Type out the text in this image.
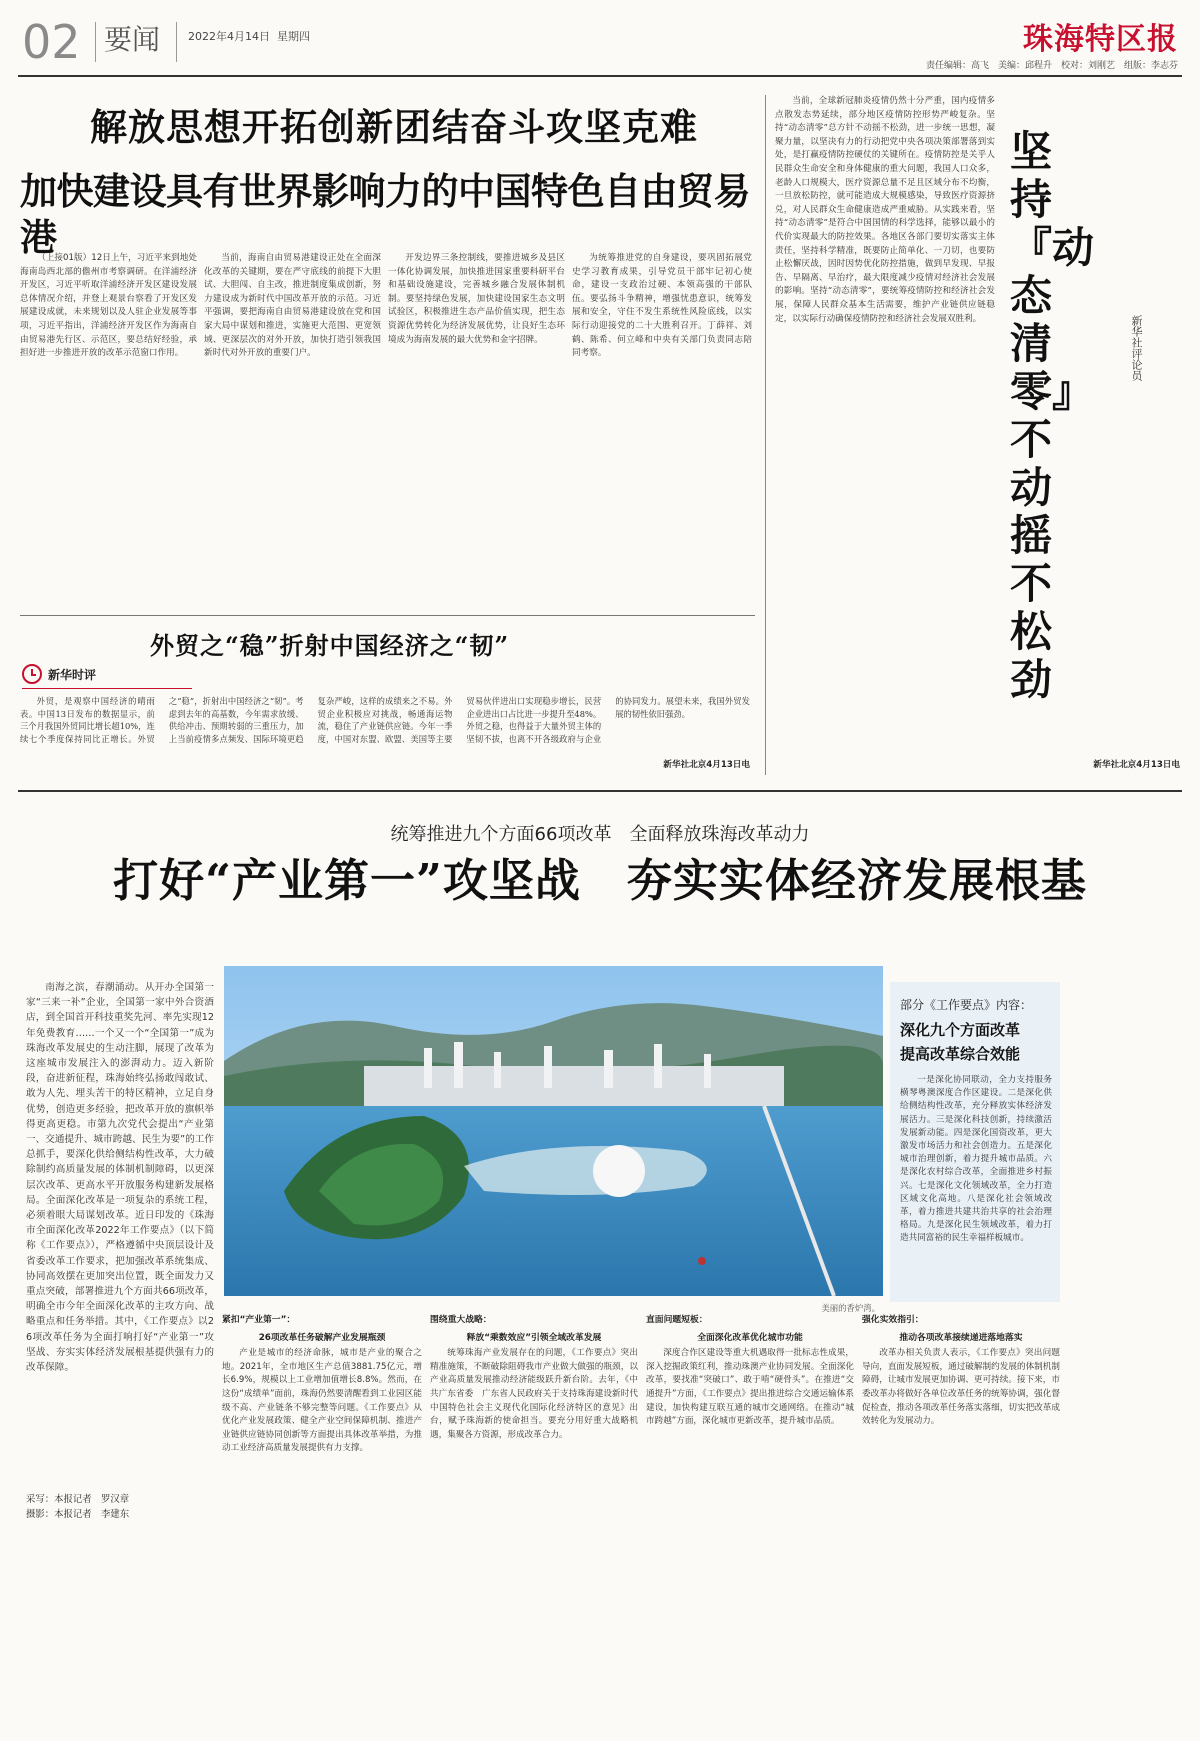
02 要闻	2022年4月14日 星期四	珠海特区报
责任编辑：高飞　美编：邱程升　校对：刘刚艺　组版：李志芬
解放思想开拓创新团结奋斗攻坚克难
加快建设具有世界影响力的中国特色自由贸易港

（上接01版）12日上午，习近平来到地处海南岛西北部的儋州市考察调研。在洋浦经济开发区，习近平听取洋浦经济开发区建设发展总体情况介绍，并登上观景台察看了开发区发展建设成就，未来规划以及人驻企业发展等事项，习近平指出，洋浦经济开发区作为海南自由贸易港先行区、示范区，要总结好经验，承担好进一步推进开放的改革示范窗口作用。

当前，海南自由贸易港建设正处在全面深化改革的关键期，要在严守底线的前提下大胆试、大胆闯、自主改，推进制度集成创新，努力建设成为新时代中国改革开放的示范。习近平强调，要把海南自由贸易港建设放在党和国家大局中谋划和推进，实施更大范围、更宽领域、更深层次的对外开放，加快打造引领我国新时代对外开放的重要门户。

开发边界三条控制线，要推进城乡及县区一体化协调发展，加快推进国家重要科研平台和基础设施建设，完善城乡融合发展体制机制。要坚持绿色发展，加快建设国家生态文明试验区，积极推进生态产品价值实现，把生态资源优势转化为经济发展优势，让良好生态环境成为海南发展的最大优势和金字招牌。

为统筹推进党的自身建设，要巩固拓展党史学习教育成果，引导党员干部牢记初心使命，建设一支政治过硬、本领高强的干部队伍。要弘扬斗争精神，增强忧患意识，统筹发展和安全，守住不发生系统性风险底线，以实际行动迎接党的二十大胜利召开。丁薛祥、刘鹤、陈希、何立峰和中央有关部门负责同志陪同考察。

外贸之“稳”折射中国经济之“韧”
新华时评

外贸，是观察中国经济的晴雨表。中国13日发布的数据显示，前三个月我国外贸同比增长超10%，连续七个季度保持同比正增长。外贸之“稳”，折射出中国经济之“韧”。考虑到去年的高基数，今年需求放缓、供给冲击、预期转弱的三重压力，加上当前疫情多点频发、国际环境更趋复杂严峻，这样的成绩来之不易。外贸企业积极应对挑战，畅通海运物流，稳住了产业链供应链。今年一季度，中国对东盟、欧盟、美国等主要贸易伙伴进出口实现稳步增长，民营企业进出口占比进一步提升至48%。外贸之稳，也得益于大量外贸主体的坚韧不拔，也离不开各级政府与企业的协同发力。展望未来，我国外贸发展的韧性依旧强劲。

新华社北京4月13日电

当前，全球新冠肺炎疫情仍然十分严重，国内疫情多点散发态势延续，部分地区疫情防控形势严峻复杂。坚持“动态清零”总方针不动摇不松劲，进一步统一思想，凝聚力量，以坚决有力的行动把党中央各项决策部署落到实处，是打赢疫情防控硬仗的关键所在。疫情防控是关乎人民群众生命安全和身体健康的重大问题，我国人口众多，老龄人口规模大，医疗资源总量不足且区域分布不均衡，一旦放松防控，就可能造成大规模感染，导致医疗资源挤兑，对人民群众生命健康造成严重威胁。从实践来看，坚持“动态清零”是符合中国国情的科学选择，能够以最小的代价实现最大的防控效果。各地区各部门要切实落实主体责任，坚持科学精准，既要防止简单化、一刀切，也要防止松懈厌战，因时因势优化防控措施，做到早发现、早报告、早隔离、早治疗，最大限度减少疫情对经济社会发展的影响。坚持“动态清零”，要统筹疫情防控和经济社会发展，保障人民群众基本生活需要，维护产业链供应链稳定，以实际行动确保疫情防控和经济社会发展双胜利。

坚持『动态清零』不动摇不松劲
新华社评论员
新华社北京4月13日电
统筹推进九个方面66项改革　全面释放珠海改革动力
打好“产业第一”攻坚战　夯实实体经济发展根基

南海之滨，春潮涌动。从开办全国第一家“三来一补”企业，全国第一家中外合资酒店，到全国首开科技重奖先河、率先实现12年免费教育……一个又一个“全国第一”成为珠海改革发展史的生动注脚，展现了改革为这座城市发展注入的澎湃动力。迈入新阶段，奋进新征程，珠海始终弘扬敢闯敢试、敢为人先、埋头苦干的特区精神，立足自身优势，创造更多经验，把改革开放的旗帜举得更高更稳。市第九次党代会提出“产业第一、交通提升、城市跨越、民生为要”的工作总抓手，要深化供给侧结构性改革，大力破除制约高质量发展的体制机制障碍，以更深层次改革、更高水平开放服务构建新发展格局。全面深化改革是一项复杂的系统工程，必须着眼大局谋划改革。近日印发的《珠海市全面深化改革2022年工作要点》（以下简称《工作要点》），严格遵循中央顶层设计及省委改革工作要求，把加强改革系统集成、协同高效摆在更加突出位置，既全面发力又重点突破，部署推进九个方面共66项改革，明确全市今年全面深化改革的主攻方向、战略重点和任务举措。其中，《工作要点》以26项改革任务为全面打响打好“产业第一”攻坚战、夯实实体经济发展根基提供强有力的改革保障。

采写：本报记者　罗汉章
摄影：本报记者　李建东
美丽的香炉湾。
部分《工作要点》内容：
深化九个方面改革
提高改革综合效能

一是深化协同联动，全力支持服务横琴粤澳深度合作区建设。二是深化供给侧结构性改革，充分释放实体经济发展活力。三是深化科技创新，持续激活发展新动能。四是深化国资改革，更大激发市场活力和社会创造力。五是深化城市治理创新，着力提升城市品质。六是深化农村综合改革，全面推进乡村振兴。七是深化文化领域改革，全力打造区域文化高地。八是深化社会领域改革，着力推进共建共治共享的社会治理格局。九是深化民生领域改革，着力打造共同富裕的民生幸福样板城市。

紧扣“产业第一”：
26项改革任务破解产业发展瓶颈

产业是城市的经济命脉，城市是产业的聚合之地。2021年，全市地区生产总值3881.75亿元，增长6.9%，规模以上工业增加值增长8.8%。然而，在这份“成绩单”面前，珠海仍然要清醒看到工业园区能级不高、产业链条不够完整等问题。《工作要点》从优化产业发展政策、健全产业空间保障机制、推进产业链供应链协同创新等方面提出具体改革举措，为推动工业经济高质量发展提供有力支撑。

围绕重大战略：
释放“乘数效应”引领全域改革发展

统筹珠海产业发展存在的问题，《工作要点》突出精准施策，不断破除阻碍我市产业做大做强的瓶颈，以产业高质量发展推动经济能级跃升新台阶。去年，《中共广东省委　广东省人民政府关于支持珠海建设新时代中国特色社会主义现代化国际化经济特区的意见》出台，赋予珠海新的使命担当。要充分用好重大战略机遇，集聚各方资源，形成改革合力。

直面问题短板：
全面深化改革优化城市功能

深度合作区建设等重大机遇取得一批标志性成果，深入挖掘政策红利，推动珠澳产业协同发展。全面深化改革，要找准“突破口”、敢于啃“硬骨头”。在推进“交通提升”方面，《工作要点》提出推进综合交通运输体系建设，加快构建互联互通的城市交通网络。在推动“城市跨越”方面，深化城市更新改革，提升城市品质。

强化实效指引：
推动各项改革接续递进落地落实

改革办相关负责人表示，《工作要点》突出问题导向，直面发展短板，通过破解制约发展的体制机制障碍，让城市发展更加协调、更可持续。接下来，市委改革办将做好各单位改革任务的统筹协调，强化督促检查，推动各项改革任务落实落细，切实把改革成效转化为发展动力。
